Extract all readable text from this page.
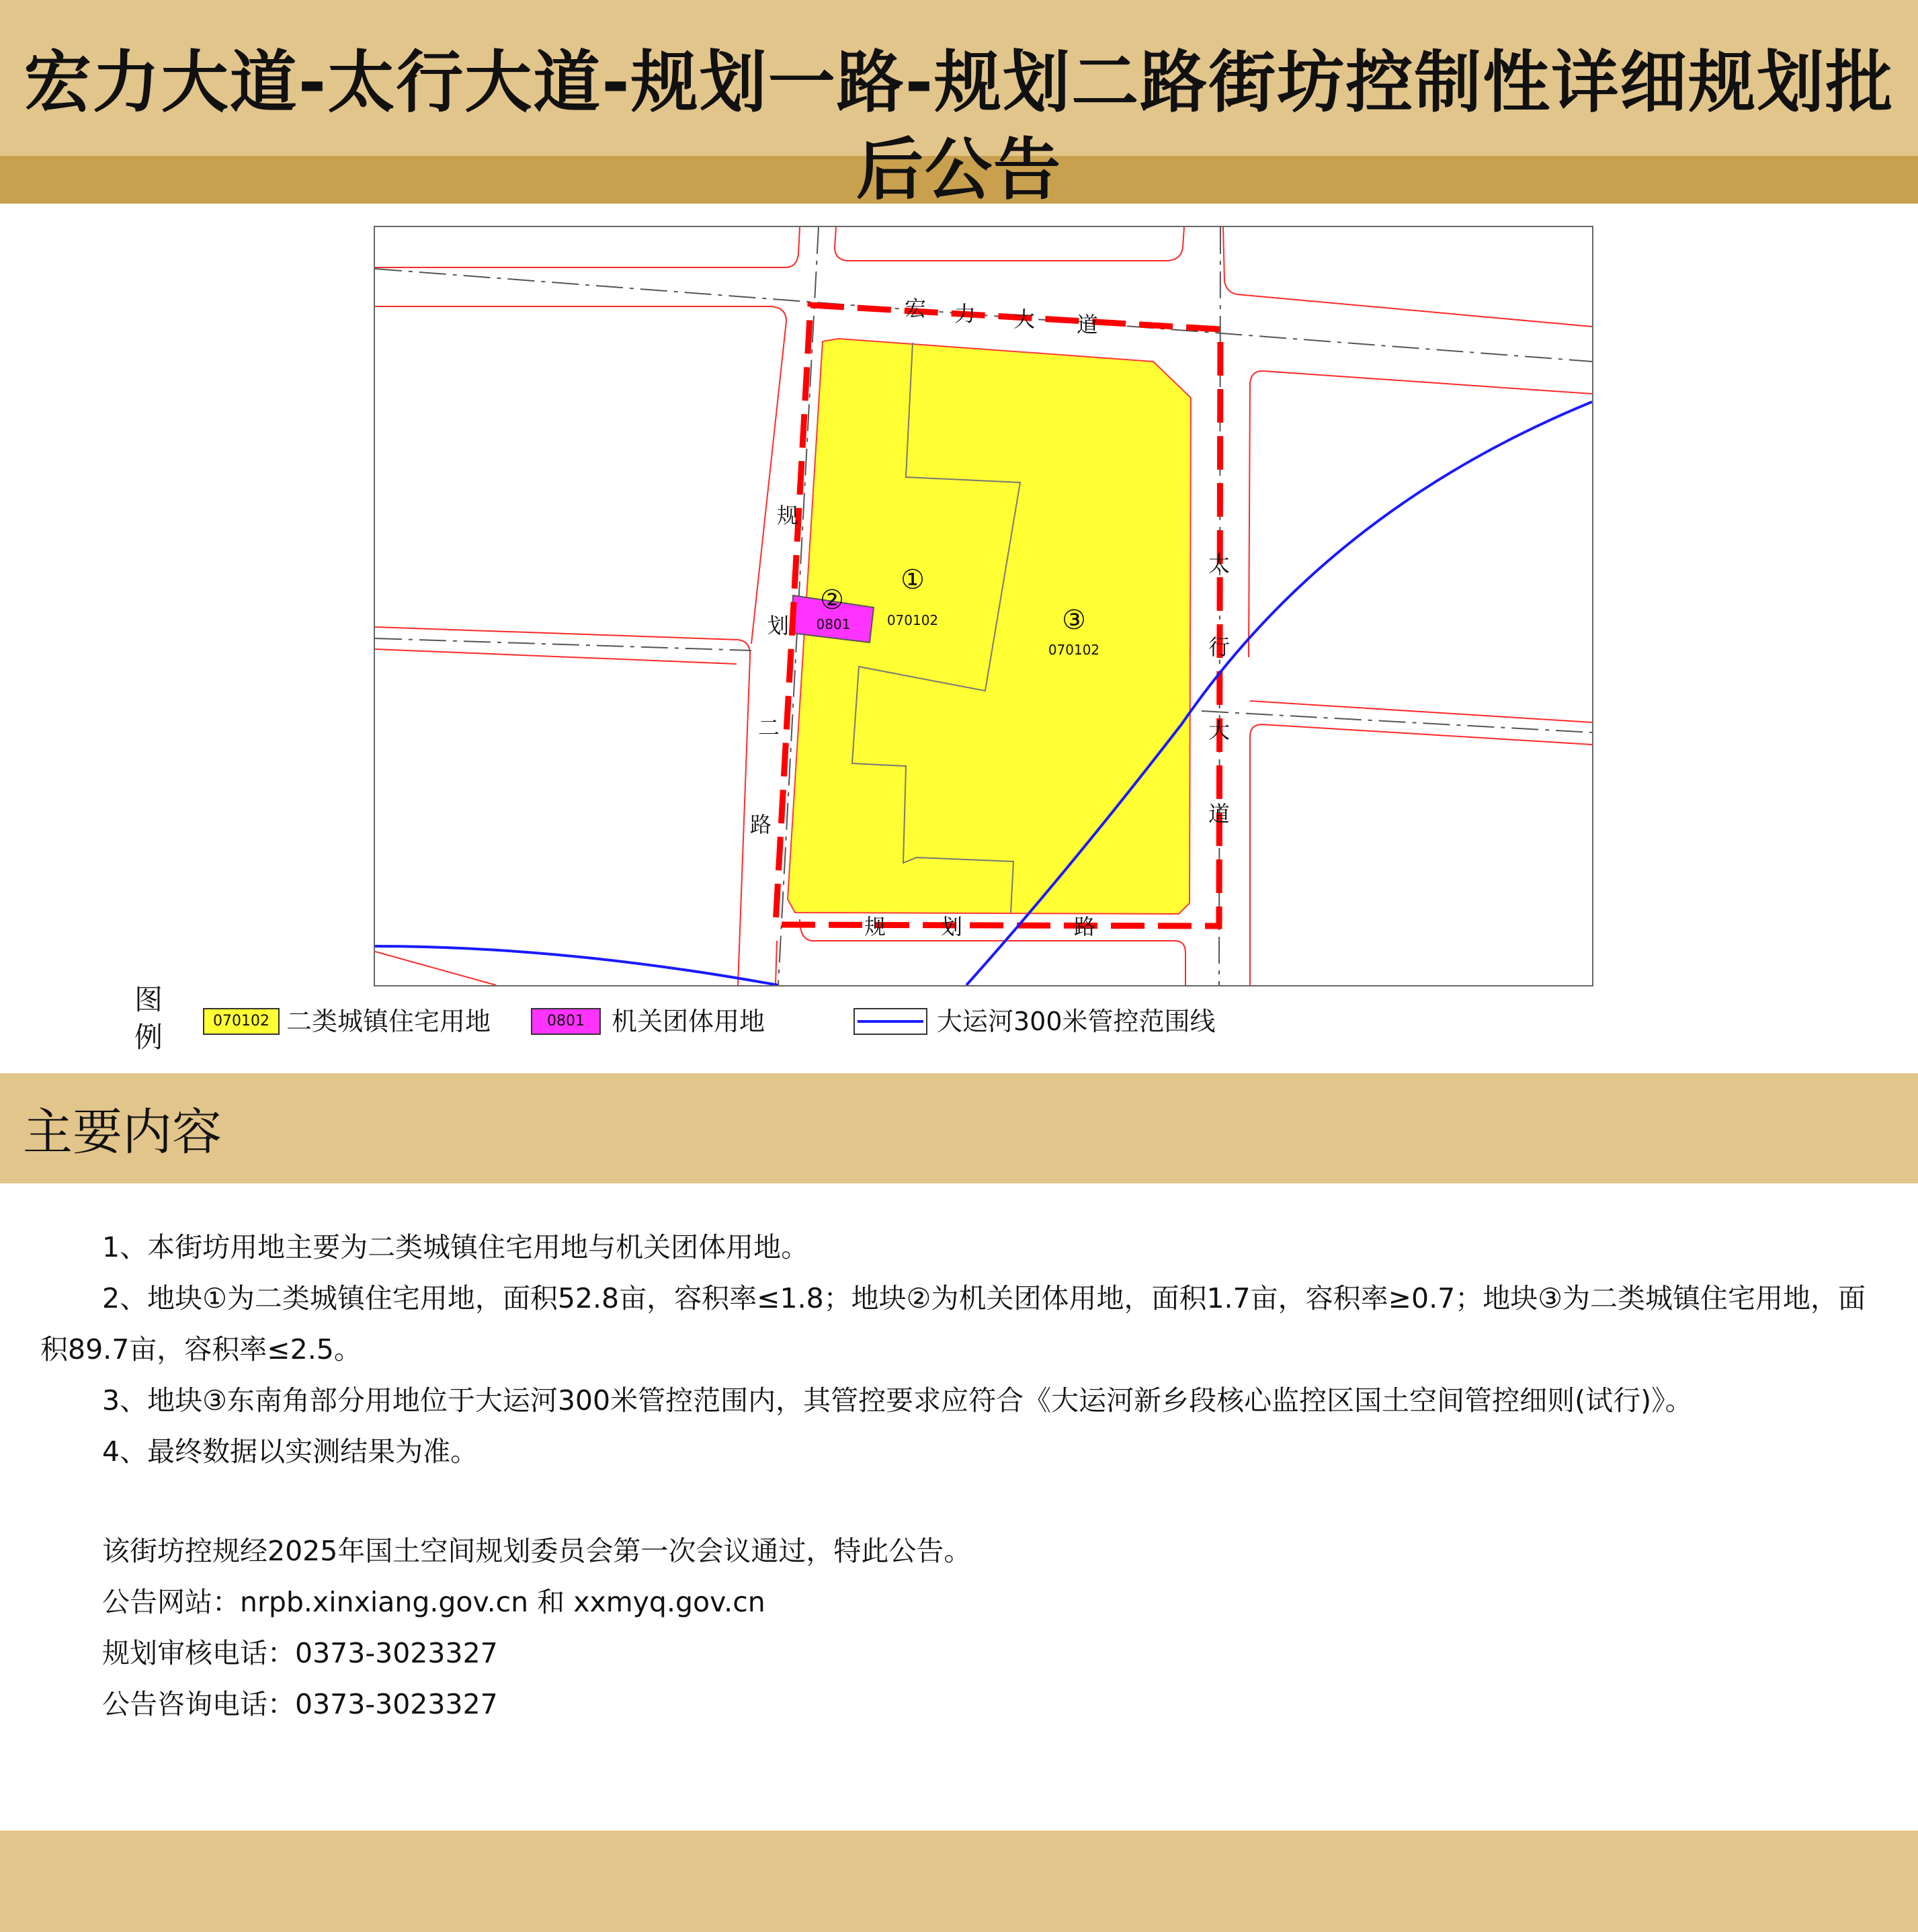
宏力大道-太行大道-规划一路-规划二路街坊控制性详细规划批后公告
宏 力 大 道
太
行
大
道
规
划
二
路
规	划	路
①
070102
②
0801	③
070102
图
例	070102 二类城镇住宅用地	0801	机关团体用地	大运河300米管控范围线
主要内容
1、本街坊用地主要为二类城镇住宅用地与机关团体用地。
2、地块①为二类城镇住宅用地，面积52.8亩，容积率≤1.8；地块②为机关团体用地，面积1.7亩，容积率≥0.7；地块③为二类城镇住宅用地，面积89.7亩，容积率≤2.5。
3、地块③东南角部分用地位于大运河300米管控范围内，其管控要求应符合《大运河新乡段核心监控区国土空间管控细则(试行)》。
4、最终数据以实测结果为准。
该街坊控规经2025年国土空间规划委员会第一次会议通过，特此公告。
公告网站：nrpb.xinxiang.gov.cn 和 xxmyq.gov.cn
规划审核电话：0373-3023327
公告咨询电话：0373-3023327
